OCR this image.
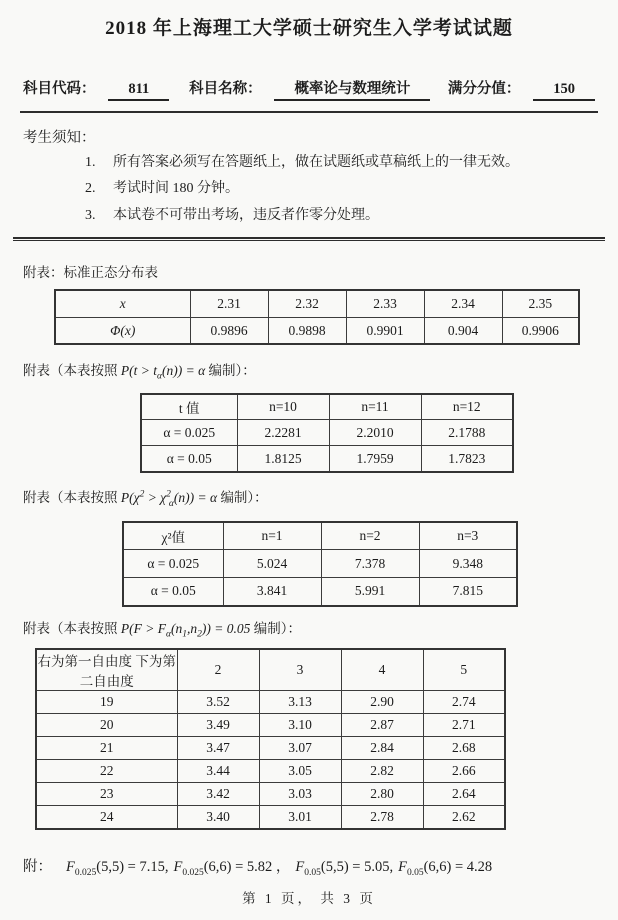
2018 年上海理工大学硕士研究生入学考试试题
科目代码：	811	科目名称：	概率论与数理统计	满分分值：	150
考生须知：
1.	所有答案必须写在答题纸上，做在试题纸或草稿纸上的一律无效。
2.	考试时间 180 分钟。
3.	本试卷不可带出考场，违反者作零分处理。
附表：标准正态分布表
x	2.31	2.32	2.33	2.34	2.35
Φ(x)	0.9896	0.9898	0.9901	0.904	0.9906
附表（本表按照 $P(t > t_\alpha(n)) = \alpha$ 编制）：
t 值	n=10	n=11	n=12
α = 0.025	2.2281	2.2010	2.1788
α = 0.05	1.8125	1.7959	1.7823
附表（本表按照 $P(\chi^2 > \chi^2_\alpha(n)) = \alpha$ 编制）：
χ²值	n=1	n=2	n=3
α = 0.025	5.024	7.378	9.348
α = 0.05	3.841	5.991	7.815
附表（本表按照 $P(F > F_\alpha(n_1,n_2)) = 0.05$ 编制）：
右为第一自由度 下为第二自由度	2	3	4	5
19	3.52	3.13	2.90	2.74
20	3.49	3.10	2.87	2.71
21	3.47	3.07	2.84	2.68
22	3.44	3.05	2.82	2.66
23	3.42	3.03	2.80	2.64
24	3.40	3.01	2.78	2.62
附： $F_{0.025}(5,5) = 7.15$, $F_{0.025}(6,6) = 5.82$ ， $F_{0.05}(5,5) = 5.05$, $F_{0.05}(6,6) = 4.28$
第 1 页， 共 3 页
